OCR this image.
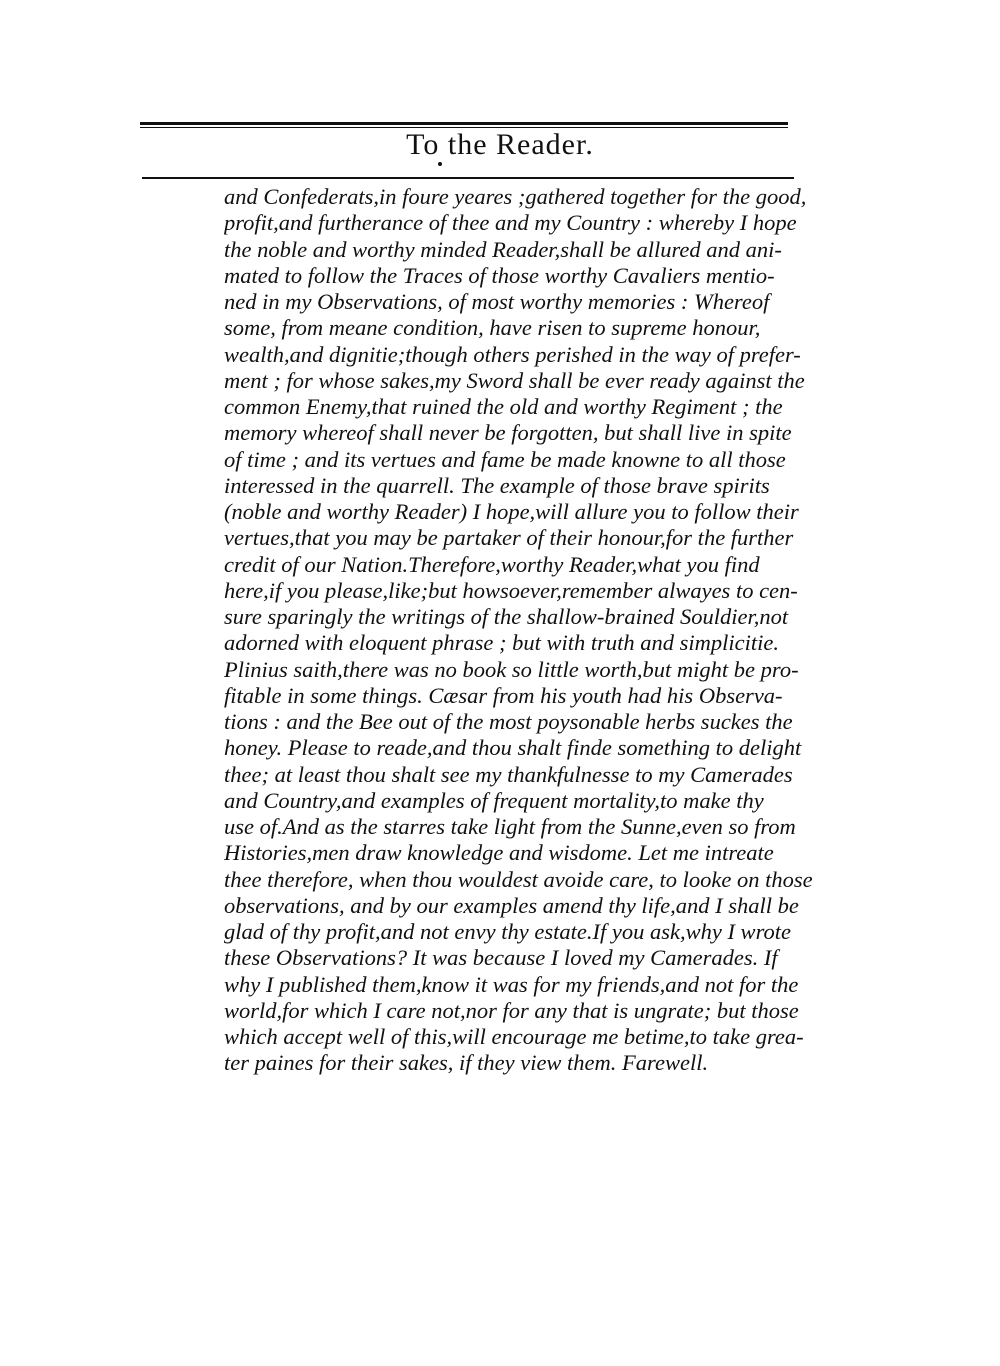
To the Reader.
and Confederats,in foure yeares ;gathered together for the good,
profit,and furtherance of thee and my Country : whereby I hope
the noble and worthy minded Reader,shall be allured and ani-
mated to follow the Traces of those worthy Cavaliers mentio-
ned in my Observations, of most worthy memories : Whereof
some, from meane condition, have risen to supreme honour,
wealth,and dignitie;though others perished in the way of prefer-
ment ; for whose sakes,my Sword shall be ever ready against the
common Enemy,that ruined the old and worthy Regiment ; the
memory whereof shall never be forgotten, but shall live in spite
of time ; and its vertues and fame be made knowne to all those
interessed in the quarrell. The example of those brave spirits
(noble and worthy Reader) I hope,will allure you to follow their
vertues,that you may be partaker of their honour,for the further
credit of our Nation.Therefore,worthy Reader,what you find
here,if you please,like;but howsoever,remember alwayes to cen-
sure sparingly the writings of the shallow-brained Souldier,not
adorned with eloquent phrase ; but with truth and simplicitie.
Plinius saith,there was no book so little worth,but might be pro-
fitable in some things. Cæsar from his youth had his Observa-
tions : and the Bee out of the most poysonable herbs suckes the
honey. Please to reade,and thou shalt finde something to delight
thee; at least thou shalt see my thankfulnesse to my Camerades
and Country,and examples of frequent mortality,to make thy
use of.And as the starres take light from the Sunne,even so from
Histories,men draw knowledge and wisdome. Let me intreate
thee therefore, when thou wouldest avoide care, to looke on those
observations, and by our examples amend thy life,and I shall be
glad of thy profit,and not envy thy estate.If you ask,why I wrote
these Observations? It was because I loved my Camerades. If
why I published them,know it was for my friends,and not for the
world,for which I care not,nor for any that is ungrate; but those
which accept well of this,will encourage me betime,to take grea-
ter paines for their sakes, if they view them. Farewell.
